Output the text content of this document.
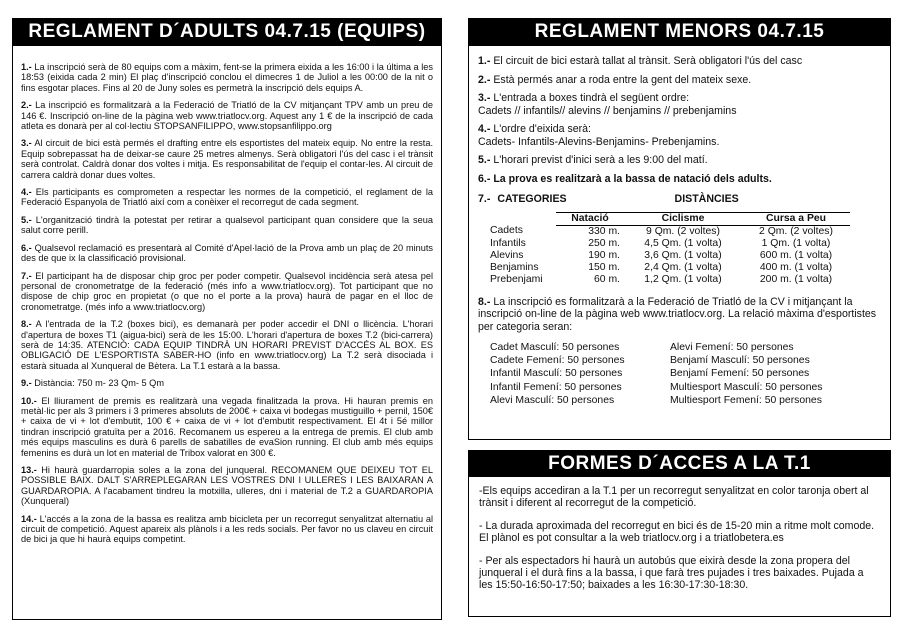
REGLAMENT D´ADULTS 04.7.15 (EQUIPS)

1.- La inscripció serà de 80 equips com a màxim, fent-se la primera eixida a les 16:00 i la última a les 18:53 (eixida cada 2 min) El plaç d'inscripció conclou el dimecres 1 de Juliol a les 00:00 de la nit o fins esgotar places. Fins al 20 de Juny soles es permetrà la inscripció dels equips A.

2.- La inscripció es formalitzarà a la Federació de Triatló de la CV mitjançant TPV amb un preu de 146 €. Inscripció on-line de la pàgina web www.triatlocv.org. Aquest any 1 € de la inscripció de cada atleta es donarà per al col·lectiu STOPSANFILIPPO, www.stopsanfilippo.org

3.- Al circuit de bici està permés el drafting entre els esportistes del mateix equip. No entre la resta. Equip sobrepassat ha de deixar-se caure 25 metres almenys. Serà obligatori l'ús del casc i el trànsit serà controlat. Caldrà donar dos voltes i mitja. Es responsabilitat de l'equip el contar-les. Al circuit de carrera caldrà donar dues voltes.

4.- Els participants es comprometen a respectar les normes de la competició, el reglament de la Federació Espanyola de Triatló així com a conèixer el recorregut de cada segment.

5.- L'organització tindrà la potestat per retirar a qualsevol participant quan considere que la seua salut corre perill.

6.- Qualsevol reclamació es presentarà al Comité d'Apel·lació de la Prova amb un plaç de 20 minuts des de que ix la classificació provisional.

7.- El participant ha de disposar chip groc per poder competir. Qualsevol incidència serà atesa pel personal de cronometratge de la federació (més info a www.triatlocv.org). Tot participant que no dispose de chip groc en propietat (o que no el porte a la prova) haurà de pagar en el lloc de cronometratge. (més info a www.triatlocv.org)

8.- A l'entrada de la T.2 (boxes bici), es demanarà per poder accedir el DNI o llicència. L'horari d'apertura de boxes T1 (aigua-bici) serà de les 15:00. L'horari d'apertura de boxes T.2 (bici-carrera) serà de 14:35. ATENCIÓ: CADA EQUIP TINDRÀ UN HORARI PREVIST D'ACCÉS AL BOX. ES OBLIGACIÓ DE L'ESPORTISTA SABER-HO (info en www.triatlocv.org) La T.2 serà disociada i estarà situada al Xunqueral de Bètera. La T.1 estarà a la bassa.

9.- Distància: 750 m- 23 Qm- 5 Qm

10.- El lliurament de premis es realitzarà una vegada finalitzada la prova. Hi hauran premis en metàl·lic per als 3 primers i 3 primeres absoluts de 200€ + caixa vi bodegas mustiguillo + pernil, 150€ + caixa de vi + lot d'embutit, 100 € + caixa de vi + lot d'embutit respectivament. El 4t i 5é millor tindran inscripció gratuïta per a 2016. Recomanem us espereu a la entrega de premis. El club amb més equips masculins es durà 6 parells de sabatilles de evaSion running. El club amb més equips femenins es durà un lot en material de Tribox valorat en 300 €.

13.- Hi haurà guardarropia soles a la zona del junqueral. RECOMANEM QUE DEIXEU TOT EL POSSIBLE BAIX. DALT S'ARREPLEGARAN LES VOSTRES DNI I ULLERES I LES BAIXARAN A GUARDAROPIA. A l'acabament tindreu la motxilla, ulleres, dni i material de T.2 a GUARDAROPIA (Xunqueral)

14.- L'accés a la zona de la bassa es realitza amb bicicleta per un recorregut senyalitzat alternatiu al circuit de competició. Aquest apareix als plànols i a les reds socials. Per favor no us claveu en circuit de bici ja que hi haurà equips competint.

REGLAMENT MENORS 04.7.15

1.- El circuit de bici estarà tallat al trànsit. Serà obligatori l'ús del casc

2.- Està permés anar a roda entre la gent del mateix sexe.

3.- L'entrada a boxes tindrà el següent ordre:
Cadets // infantils// alevins // benjamins // prebenjamins

4.- L'ordre d'eixida serà:
Cadets- Infantils-Alevins-Benjamins- Prebenjamins.

5.- L'horari previst d'inici serà a les 9:00 del matí.

6.- La prova es realitzarà a la bassa de natació dels adults.

7.- CATEGORIES	DISTÀNCIES
	Natació	Ciclisme	Cursa a Peu
Cadets	330 m.	9 Qm. (2 voltes)	2 Qm. (2 voltes)
Infantils	250 m.	4,5 Qm. (1 volta)	1 Qm. (1 volta)
Alevins	190 m.	3,6 Qm. (1 volta)	600 m. (1 volta)
Benjamins	150 m.	2,4 Qm. (1 volta)	400 m. (1 volta)
Prebenjami	60 m.	1,2 Qm. (1 volta)	200 m. (1 volta)
8.- La inscripció es formalitzarà a la Federació de Triatló de la CV i mitjançant la inscripció on-line de la pàgina web www.triatlocv.org. La relació màxima d'esportistes per categoria seran:
Cadet Masculí: 50 persones	Alevi Femení: 50 persones
Cadete Femení: 50 persones	Benjamí Masculí: 50 persones
Infantil Masculí: 50 persones	Benjamí Femení: 50 persones
Infantil Femení: 50 persones	Multiesport Masculí: 50 persones
Alevi Masculí: 50 persones	Multiesport Femení: 50 persones
FORMES D´ACCES A LA T.1

-Els equips accediran a la T.1 per un recorregut senyalitzat en color taronja obert al trànsit i diferent al recorregut de la competició.

- La durada aproximada del recorregut en bici és de 15-20 min a ritme molt comode. El plànol es pot consultar a la web triatlocv.org i a triatlobetera.es

- Per als espectadors hi haurà un autobús que eixirà desde la zona propera del junqueral i el durà fins a la bassa, i que farà tres pujades i tres baixades. Pujada a les 15:50-16:50-17:50; baixades a les 16:30-17:30-18:30.
